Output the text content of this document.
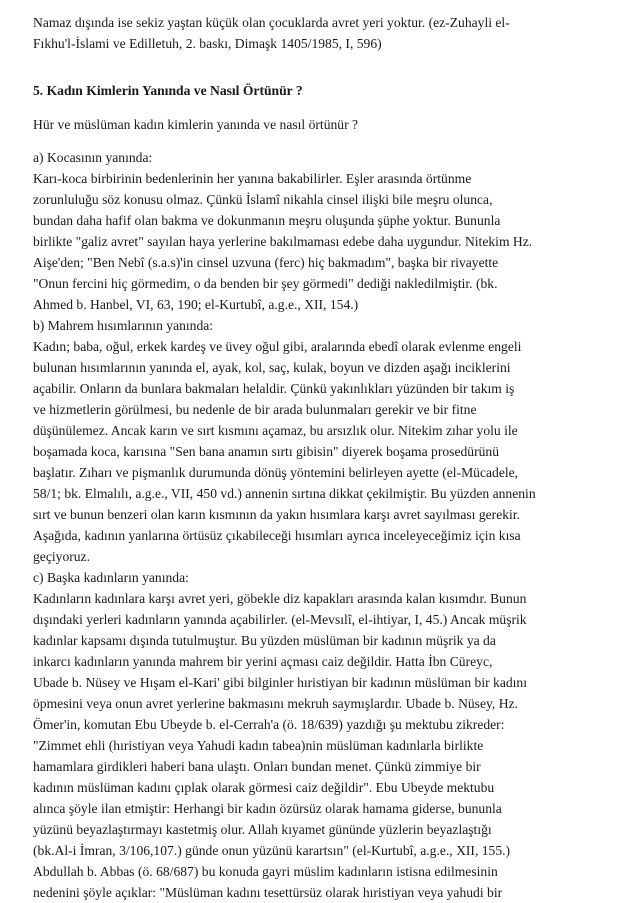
Namaz dışında ise sekiz yaştan küçük olan çocuklarda avret yeri yoktur. (ez-Zuhayli el-
Fıkhu'l-İslami ve Edilletuh, 2. baskı, Dimaşk 1405/1985, I, 596)

5. Kadın Kimlerin Yanında ve Nasıl Örtünür ?

Hür ve müslüman kadın kimlerin yanında ve nasıl örtünür ?

a) Kocasının yanında:
Karı-koca birbirinin bedenlerinin her yanına bakabilirler. Eşler arasında örtünme
zorunluluğu söz konusu olmaz. Çünkü İslamî nikahla cinsel ilişki bile meşru olunca,
bundan daha hafif olan bakma ve dokunmanın meşru oluşunda şüphe yoktur. Bununla
birlikte "galiz avret" sayılan haya yerlerine bakılmaması edebe daha uygundur. Nitekim Hz.
Aişe'den; "Ben Nebî (s.a.s)'in cinsel uzvuna (ferc) hiç bakmadım", başka bir rivayette
"Onun fercini hiç görmedim, o da benden bir şey görmedi" dediği nakledilmiştir. (bk.
Ahmed b. Hanbel, VI, 63, 190; el-Kurtubî, a.g.e., XII, 154.)
b) Mahrem hısımlarının yanında:
Kadın; baba, oğul, erkek kardeş ve üvey oğul gibi, aralarında ebedî olarak evlenme engeli
bulunan hısımlarının yanında el, ayak, kol, saç, kulak, boyun ve dizden aşağı inciklerini
açabilir. Onların da bunlara bakmaları helaldir. Çünkü yakınlıkları yüzünden bir takım iş
ve hizmetlerin görülmesi, bu nedenle de bir arada bulunmaları gerekir ve bir fitne
düşünülemez. Ancak karın ve sırt kısmını açamaz, bu arsızlık olur. Nitekim zıhar yolu ile
boşamada koca, karısına "Sen bana anamın sırtı gibisin" diyerek boşama prosedürünü
başlatır. Zıharı ve pişmanlık durumunda dönüş yöntemini belirleyen ayette (el-Mücadele,
58/1; bk. Elmalılı, a.g.e., VII, 450 vd.) annenin sırtına dikkat çekilmiştir. Bu yüzden annenin
sırt ve bunun benzeri olan karın kısmının da yakın hısımlara karşı avret sayılması gerekir.
Aşağıda, kadının yanlarına örtüsüz çıkabileceği hısımları ayrıca inceleyeceğimiz için kısa
geçiyoruz.
c) Başka kadınların yanında:
Kadınların kadınlara karşı avret yeri, göbekle diz kapakları arasında kalan kısımdır. Bunun
dışındaki yerleri kadınların yanında açabilirler. (el-Mevsılî, el-ihtiyar, I, 45.) Ancak müşrik
kadınlar kapsamı dışında tutulmuştur. Bu yüzden müslüman bir kadının müşrik ya da
inkarcı kadınların yanında mahrem bir yerini açması caiz değildir. Hatta İbn Cüreyc,
Ubade b. Nüsey ve Hışam el-Kari' gibi bilginler hıristiyan bir kadının müslüman bir kadını
öpmesini veya onun avret yerlerine bakmasını mekruh saymışlardır. Ubade b. Nüsey, Hz.
Ömer'in, komutan Ebu Ubeyde b. el-Cerrah'a (ö. 18/639) yazdığı şu mektubu zikreder:
"Zimmet ehli (hıristiyan veya Yahudi kadın tabea)nin müslüman kadınlarla birlikte
hamamlara girdikleri haberi bana ulaştı. Onları bundan menet. Çünkü zimmiye bir
kadının müslüman kadını çıplak olarak görmesi caiz değildir". Ebu Ubeyde mektubu
alınca şöyle ilan etmiştir: Herhangi bir kadın özürsüz olarak hamama giderse, bununla
yüzünü beyazlaştırmayı kastetmiş olur. Allah kıyamet gününde yüzlerin beyazlaştığı
(bk.Al-i İmran, 3/106,107.) günde onun yüzünü karartsın" (el-Kurtubî, a.g.e., XII, 155.)
Abdullah b. Abbas (ö. 68/687) bu konuda gayri müslim kadınların istisna edilmesinin
nedenini şöyle açıklar: "Müslüman kadını tesettürsüz olarak hıristiyan veya yahudi bir
